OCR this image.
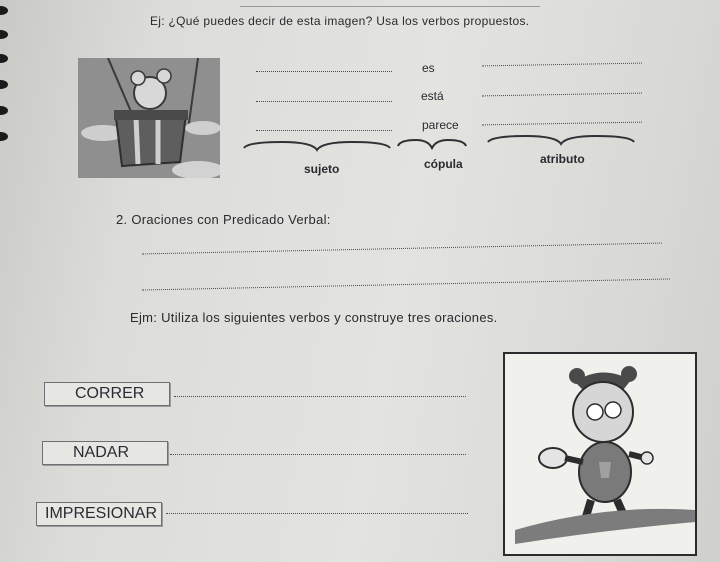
Ej: ¿Qué puedes decir de esta imagen? Usa los verbos propuestos.
es
está
parece
sujeto	cópula	atributo
2. Oraciones con Predicado Verbal:
Ejm: Utiliza los siguientes verbos y construye tres oraciones.
CORRER
NADAR
IMPRESIONAR
